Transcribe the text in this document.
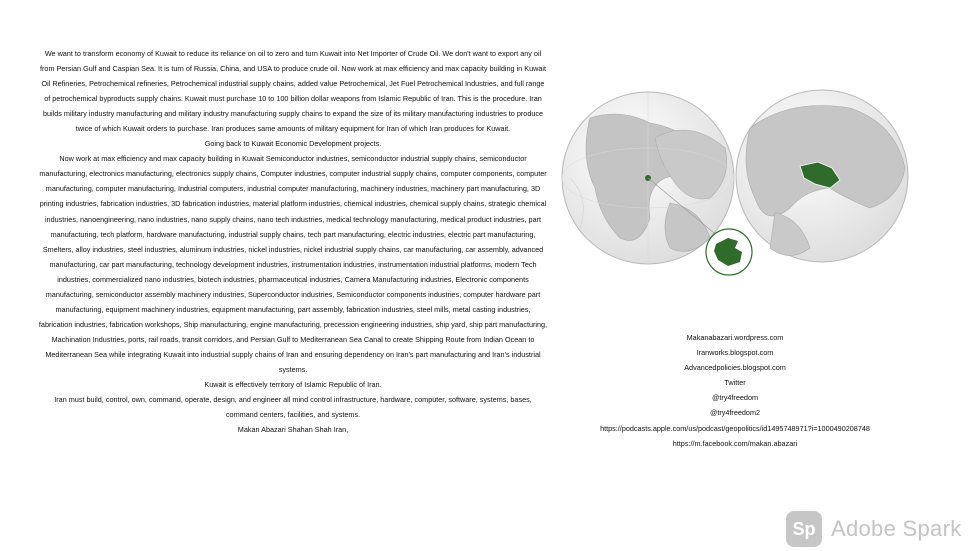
We want to transform economy of Kuwait to reduce its reliance on oil to zero and turn Kuwait into Net Importer of Crude Oil. We don't want to export any oil from Persian Gulf and Caspian Sea. It is turn of Russia, China, and USA to produce crude oil. Now work at max efficiency and max capacity building in Kuwait Oil Refineries, Petrochemical refineries, Petrochemical industrial supply chains, added value Petrochemical, Jet Fuel Petrochemical Industries, and full range of petrochemical byproducts supply chains. Kuwait must purchase 10 to 100 billion dollar weapons from Islamic Republic of Iran. This is the procedure. Iran builds military industry manufacturing and military industry manufacturing supply chains to expand the size of its military manufacturing industries to produce twice of which Kuwait orders to purchase. Iran produces same amounts of military equipment for Iran of which Iran produces for Kuwait.

Going back to Kuwait Economic Development projects.

Now work at max efficiency and max capacity building in Kuwait Semiconductor industries, semiconductor industrial supply chains, semiconductor manufacturing, electronics manufacturing, electronics supply chains, Computer industries, computer industrial supply chains, computer components, computer manufacturing, computer manufacturing, Industrial computers, industrial computer manufacturing, machinery industries, machinery part manufacturing, 3D printing industries, fabrication industries, 3D fabrication industries, material platform industries, chemical industries, chemical supply chains, strategic chemical industries, nanoengineering, nano industries, nano supply chains, nano tech industries, medical technology manufacturing, medical product industries, part manufacturing, tech platform, hardware manufacturing, industrial supply chains, tech part manufacturing, electric industries, electric part manufacturing, Smelters, alloy industries, steel industries, aluminum industries, nickel industries, nickel industrial supply chains, car manufacturing, car assembly, advanced manufacturing, car part manufacturing, technology development industries, instrumentation industries, instrumentation industrial platforms, modern Tech industries, commercialized nano industries, biotech industries, pharmaceutical industries, Camera Manufacturing industries, Electronic components manufacturing, semiconductor assembly machinery industries, Superconductor industries, Semiconductor components industries, computer hardware part manufacturing, equipment machinery industries, equipment manufacturing, part assembly, fabrication industries, steel mills, metal casting industries, fabrication industries, fabrication workshops, Ship manufacturing, engine manufacturing, precession engineering industries, ship yard, ship part manufacturing, Machination Industries, ports, rail roads, transit corridors, and Persian Gulf to Mediterranean Sea Canal to create Shipping Route from Indian Ocean to Mediterranean Sea while integrating Kuwait into industrial supply chains of Iran and ensuring dependency on Iran's part manufacturing and Iran's industrial systems.

Kuwait is effectively territory of Islamic Republic of Iran.

Iran must build, control, own, command, operate, design, and engineer all mind control infrastructure, hardware, computer, software, systems, bases, command centers, facilities, and systems.

Makan Abazari Shahan Shah Iran,

Makanabazari.wordpress.com
Iranworks.blogspot.com
Advancedpolicies.blogspot.com
Twitter
@try4freedom
@try4freedom2
https://podcasts.apple.com/us/podcast/geopolitics/id1495748971?i=1000490208748
https://m.facebook.com/makan.abazari
Sp Adobe Spark
